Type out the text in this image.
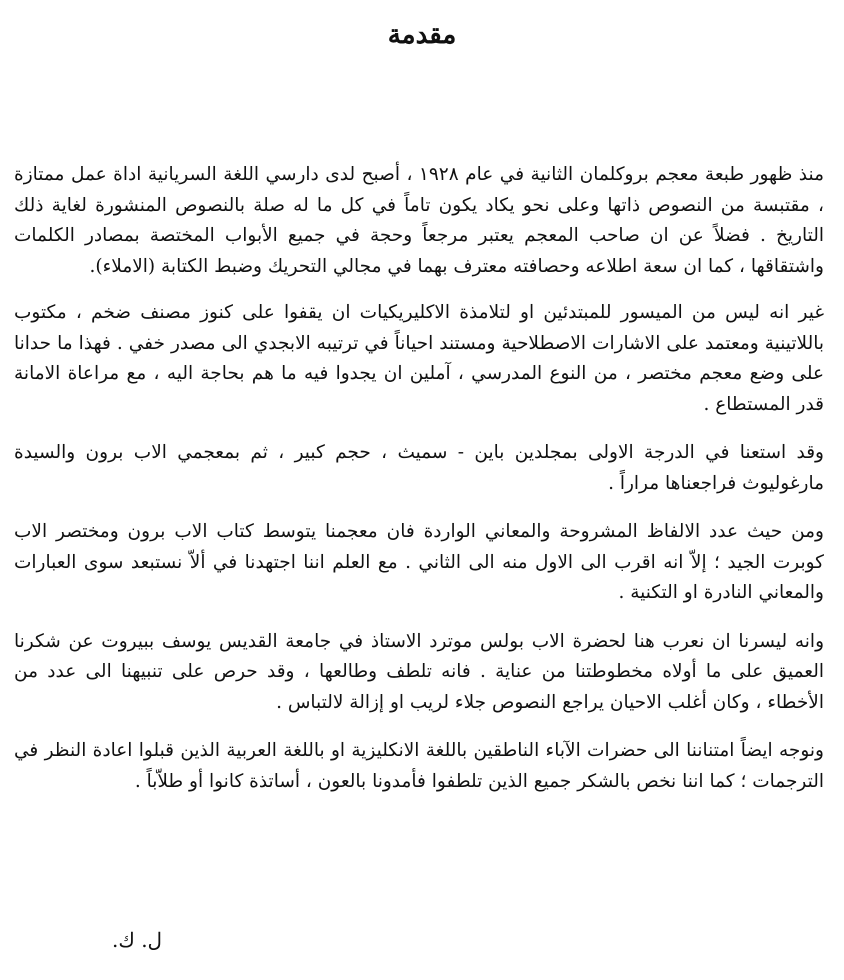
مقدمة

منذ ظهور طبعة معجم بروكلمان الثانية في عام ١٩٢٨ ، أصبح لدى دارسي اللغة السريانية اداة عمل ممتازة ، مقتبسة من النصوص ذاتها وعلى نحو يكاد يكون تاماً في كل ما له صلة بالنصوص المنشورة لغاية ذلك التاريخ . فضلاً عن ان صاحب المعجم يعتبر مرجعاً وحجة في جميع الأبواب المختصة بمصادر الكلمات واشتقاقها ، كما ان سعة اطلاعه وحصافته معترف بهما في مجالي التحريك وضبط الكتابة (الاملاء).

غير انه ليس من الميسور للمبتدئين او لتلامذة الاكليريكيات ان يقفوا على كنوز مصنف ضخم ، مكتوب باللاتينية ومعتمد على الاشارات الاصطلاحية ومستند احياناً في ترتيبه الابجدي الى مصدر خفي . فهذا ما حدانا على وضع معجم مختصر ، من النوع المدرسي ، آملين ان يجدوا فيه ما هم بحاجة اليه ، مع مراعاة الامانة قدر المستطاع .

وقد استعنا في الدرجة الاولى بمجلدين باين - سميث ، حجم كبير ، ثم بمعجمي الاب برون والسيدة مارغوليوث فراجعناها مراراً .

ومن حيث عدد الالفاظ المشروحة والمعاني الواردة فان معجمنا يتوسط كتاب الاب برون ومختصر الاب كوبرت الجيد ؛ إلاّ انه اقرب الى الاول منه الى الثاني . مع العلم اننا اجتهدنا في ألاّ نستبعد سوى العبارات والمعاني النادرة او التكنية .

وانه ليسرنا ان نعرب هنا لحضرة الاب بولس موترد الاستاذ في جامعة القديس يوسف ببيروت عن شكرنا العميق على ما أولاه مخطوطتنا من عناية . فانه تلطف وطالعها ، وقد حرص على تنبيهنا الى عدد من الأخطاء ، وكان أغلب الاحيان يراجع النصوص جلاء لريب او إزالة لالتباس .

ونوجه ايضاً امتناننا الى حضرات الآباء الناطقين باللغة الانكليزية او باللغة العربية الذين قبلوا اعادة النظر في الترجمات ؛ كما اننا نخص بالشكر جميع الذين تلطفوا فأمدونا بالعون ، أساتذة كانوا أو طلاّباً .

ل. ك.
